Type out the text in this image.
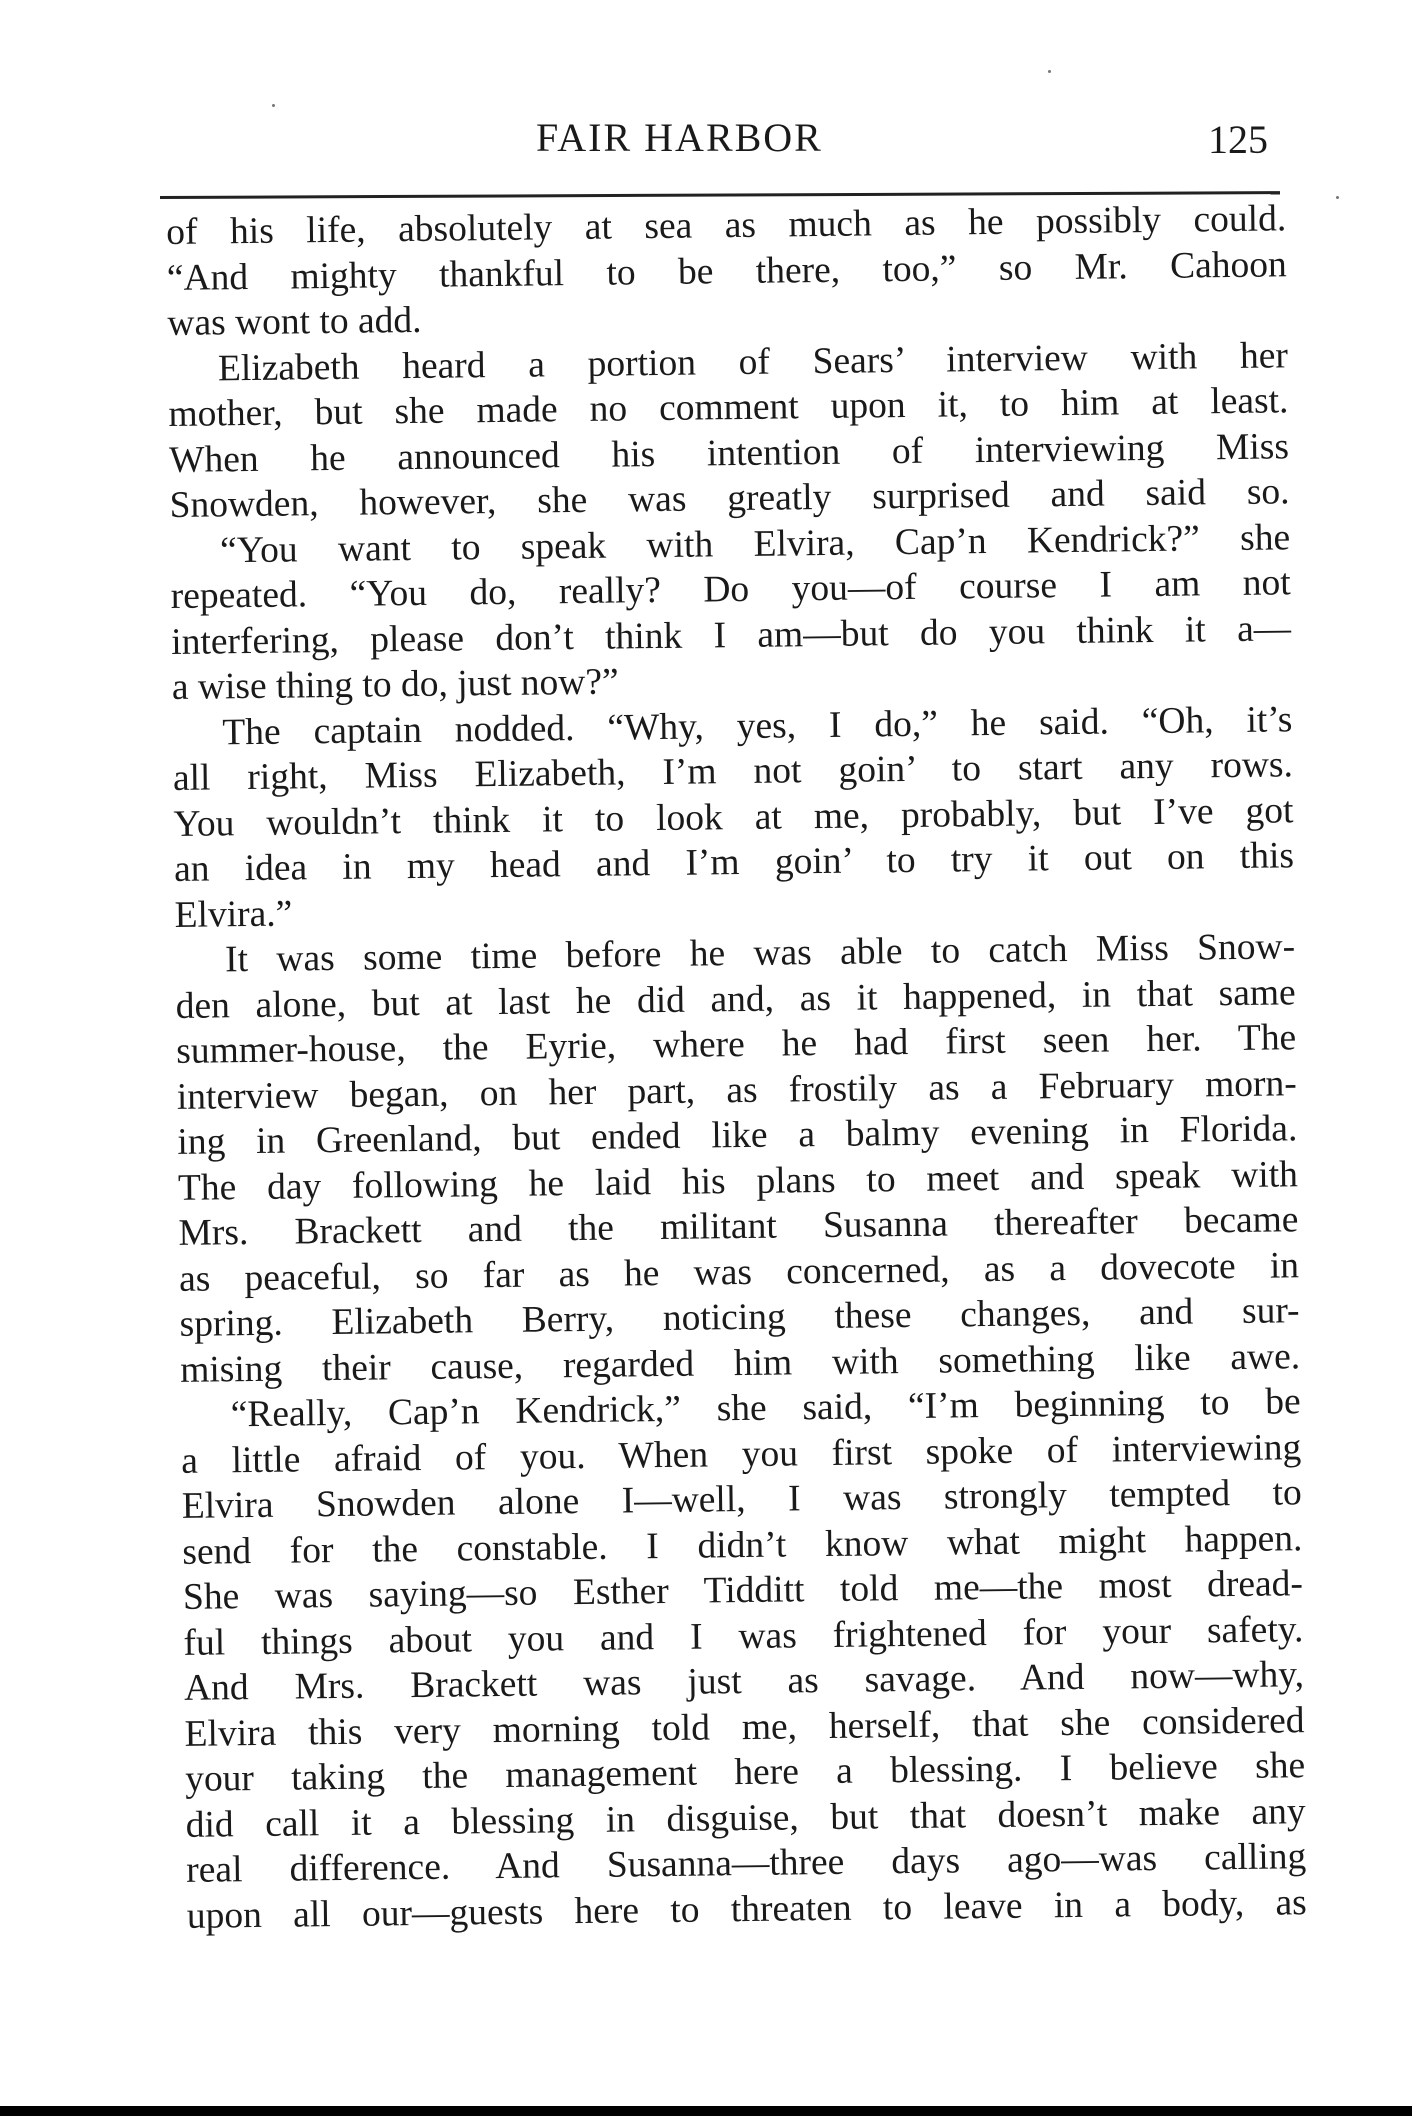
FAIR HARBOR	125
of his life, absolutely at sea as much as he possibly could.
“And mighty thankful to be there, too,” so Mr. Cahoon
was wont to add.
Elizabeth heard a portion of Sears’ interview with her
mother, but she made no comment upon it, to him at least.
When he announced his intention of interviewing Miss
Snowden, however, she was greatly surprised and said so.
“You want to speak with Elvira, Cap’n Kendrick?” she
repeated. “You do, really? Do you—of course I am not
interfering, please don’t think I am—but do you think it a—
a wise thing to do, just now?”
The captain nodded. “Why, yes, I do,” he said. “Oh, it’s
all right, Miss Elizabeth, I’m not goin’ to start any rows.
You wouldn’t think it to look at me, probably, but I’ve got
an idea in my head and I’m goin’ to try it out on this
Elvira.”
It was some time before he was able to catch Miss Snow-
den alone, but at last he did and, as it happened, in that same
summer-house, the Eyrie, where he had first seen her. The
interview began, on her part, as frostily as a February morn-
ing in Greenland, but ended like a balmy evening in Florida.
The day following he laid his plans to meet and speak with
Mrs. Brackett and the militant Susanna thereafter became
as peaceful, so far as he was concerned, as a dovecote in
spring. Elizabeth Berry, noticing these changes, and sur-
mising their cause, regarded him with something like awe.
“Really, Cap’n Kendrick,” she said, “I’m beginning to be
a little afraid of you. When you first spoke of interviewing
Elvira Snowden alone I—well, I was strongly tempted to
send for the constable. I didn’t know what might happen.
She was saying—so Esther Tidditt told me—the most dread-
ful things about you and I was frightened for your safety.
And Mrs. Brackett was just as savage. And now—why,
Elvira this very morning told me, herself, that she considered
your taking the management here a blessing. I believe she
did call it a blessing in disguise, but that doesn’t make any
real difference. And Susanna—three days ago—was calling
upon all our—guests here to threaten to leave in a body, as
